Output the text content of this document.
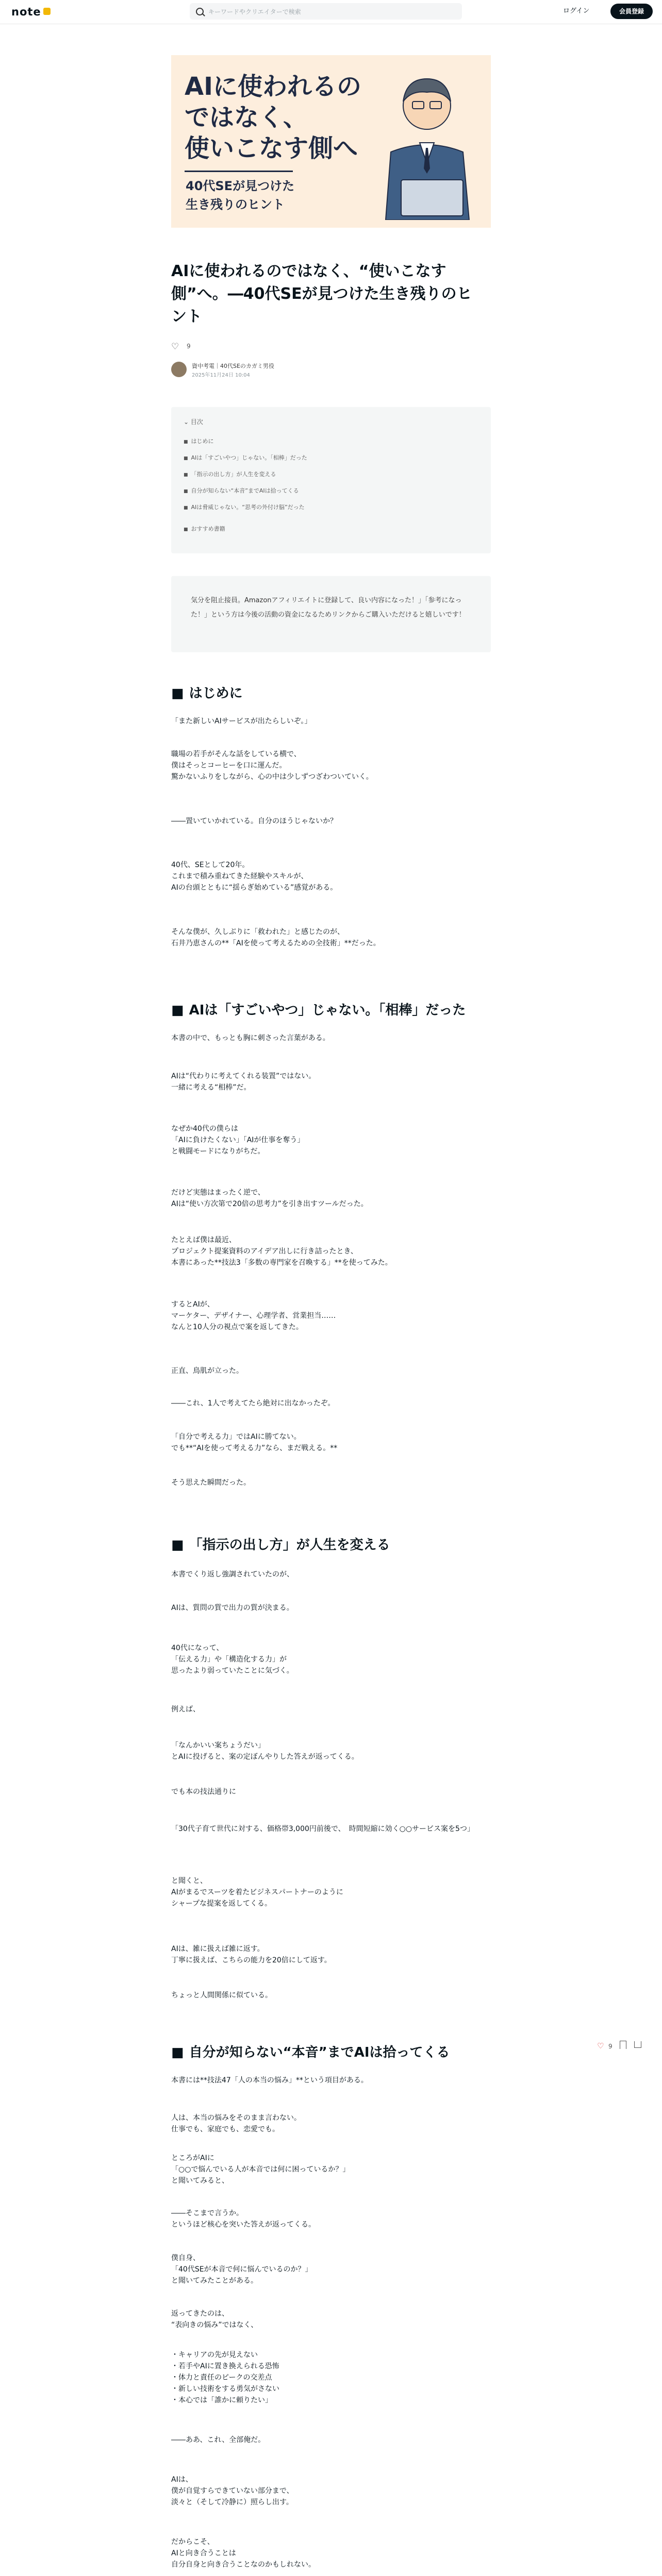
note	キーワードやクリエイターで検索	ログイン	会員登録
AIに使われるの
ではなく、
使いこなす側へ
40代SEが見つけた
生き残りのヒント
AIに使われるのではなく、“使いこなす側”へ。―40代SEが見つけた生き残りのヒント
♡ 9
資中考電｜40代SEのカガミ男役
2025年11月24日 10:04
⌄ 目次
■ はじめに
■ AIは「すごいやつ」じゃない。「相棒」だった
■ 「指示の出し方」が人生を変える
■ 自分が知らない“本音”までAIは拾ってくる
■ AIは脅威じゃない。“思考の外付け脳”だった
■ おすすめ書籍
気分を阻止接員。Amazonアフィリエイトに登録して、良い内容になった！」「参考になった！」という方は今後の活動の資金になるためリンクからご購入いただけると嬉しいです！
■ はじめに
「また新しいAIサービスが出たらしいぞ。」
職場の若手がそんな話をしている横で、
僕はそっとコーヒーを口に運んだ。
驚かないふりをしながら、心の中は少しずつざわついていく。
――置いていかれている。自分のほうじゃないか？
40代、SEとして20年。
これまで積み重ねてきた経験やスキルが、
AIの台頭とともに“揺らぎ始めている”感覚がある。
そんな僕が、久しぶりに「救われた」と感じたのが、
石井乃恵さんの**「AIを使って考えるための全技術」**だった。
■ AIは「すごいやつ」じゃない。「相棒」だった
本書の中で、もっとも胸に刺さった言葉がある。
AIは“代わりに考えてくれる装置”ではない。
一緒に考える“相棒”だ。
なぜか40代の僕らは
「AIに負けたくない」「AIが仕事を奪う」
と戦闘モードになりがちだ。
だけど実態はまったく逆で、
AIは“使い方次第で20倍の思考力”を引き出すツールだった。
たとえば僕は最近、
プロジェクト提案資料のアイデア出しに行き詰ったとき、
本書にあった**技法3「多数の専門家を召喚する」**を使ってみた。
するとAIが、
マーケター、デザイナー、心理学者、営業担当……
なんと10人分の視点で案を返してきた。
正直、鳥肌が立った。
――これ、1人で考えてたら絶対に出なかったぞ。
「自分で考える力」ではAIに勝てない。
でも**“AIを使って考える力”なら、まだ戦える。**
そう思えた瞬間だった。
■ 「指示の出し方」が人生を変える
本書でくり返し強調されていたのが、
AIは、質問の質で出力の質が決まる。
40代になって、
「伝える力」や「構造化する力」が
思ったより弱っていたことに気づく。
例えば、
「なんかいい案ちょうだい」
とAIに投げると、案の定ぼんやりした答えが返ってくる。
でも本の技法通りに
「30代子育て世代に対する、価格帯3,000円前後で、　時間短縮に効く○○サービス案を5つ」
と聞くと、
AIがまるでスーツを着たビジネスパートナーのように
シャープな提案を返してくる。
AIは、雑に扱えば雑に返す。
丁寧に扱えば、こちらの能力を20倍にして返す。
ちょっと人間関係に似ている。
♡ 9
■ 自分が知らない“本音”までAIは拾ってくる
本書には**技法47「人の本当の悩み」**という項目がある。
人は、本当の悩みをそのまま言わない。
仕事でも、家庭でも、恋愛でも。
ところがAIに
「○○で悩んでいる人が本音では何に困っているか？」
と聞いてみると、
――そこまで言うか。
というほど核心を突いた答えが返ってくる。
僕自身、
「40代SEが本音で何に悩んでいるのか？」
と聞いてみたことがある。
返ってきたのは、
“表向きの悩み”ではなく、
・キャリアの先が見えない
・若手やAIに置き換えられる恐怖
・体力と責任のピークの交差点
・新しい技術をする勇気がさない
・本心では「誰かに頼りたい」
――ああ、これ、全部俺だ。
AIは、
僕が自覚すらできていない部分まで、
淡々と（そして冷静に）照らし出す。
だからこそ、
AIと向き合うことは
自分自身と向き合うことなのかもしれない。
